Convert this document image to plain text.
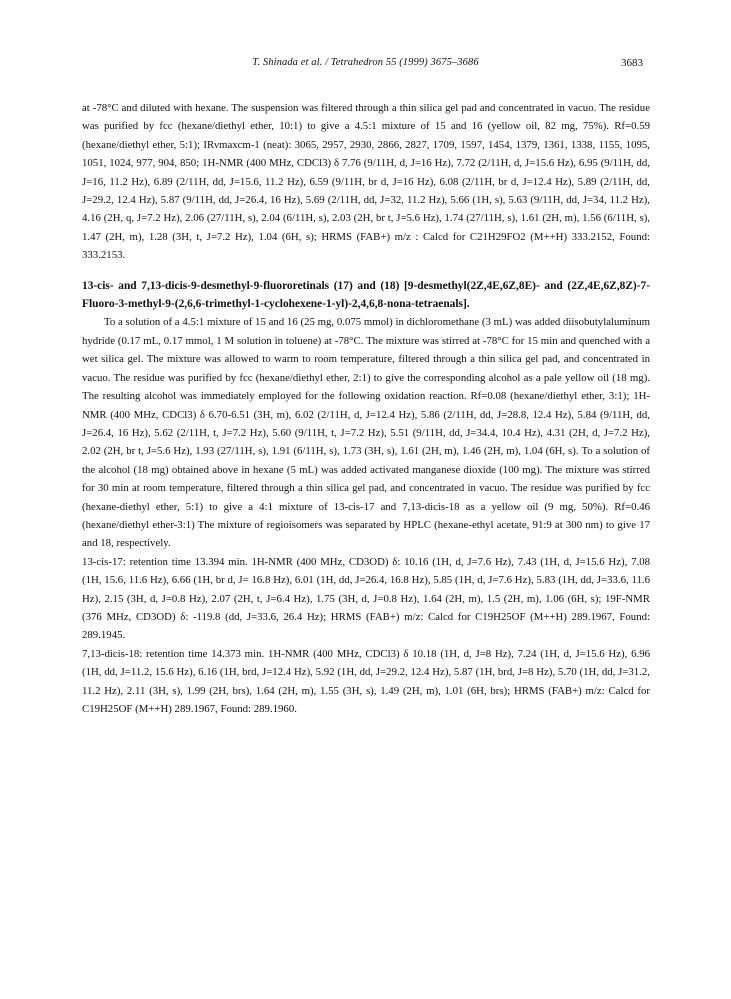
T. Shinada et al. / Tetrahedron 55 (1999) 3675–3686	3683

at -78°C and diluted with hexane. The suspension was filtered through a thin silica gel pad and concentrated in vacuo. The residue was purified by fcc (hexane/diethyl ether, 10:1) to give a 4.5:1 mixture of 15 and 16 (yellow oil, 82 mg, 75%). Rf=0.59 (hexane/diethyl ether, 5:1); IRνmaxcm-1 (neat): 3065, 2957, 2930, 2866, 2827, 1709, 1597, 1454, 1379, 1361, 1338, 1155, 1095, 1051, 1024, 977, 904, 850; 1H-NMR (400 MHz, CDCl3) δ 7.76 (9/11H, d, J=16 Hz), 7.72 (2/11H, d, J=15.6 Hz), 6.95 (9/11H, dd, J=16, 11.2 Hz), 6.89 (2/11H, dd, J=15.6, 11.2 Hz), 6.59 (9/11H, br d, J=16 Hz), 6.08 (2/11H, br d, J=12.4 Hz), 5.89 (2/11H, dd, J=29.2, 12.4 Hz), 5.87 (9/11H, dd, J=26.4, 16 Hz), 5.69 (2/11H, dd, J=32, 11.2 Hz), 5.66 (1H, s), 5.63 (9/11H, dd, J=34, 11.2 Hz), 4.16 (2H, q, J=7.2 Hz), 2.06 (27/11H, s), 2.04 (6/11H, s), 2.03 (2H, br t, J=5.6 Hz), 1.74 (27/11H, s), 1.61 (2H, m), 1.56 (6/11H, s), 1.47 (2H, m), 1.28 (3H, t, J=7.2 Hz), 1.04 (6H, s); HRMS (FAB+) m/z : Calcd for C21H29FO2 (M++H) 333.2152, Found: 333.2153.

13-cis- and 7,13-dicis-9-desmethyl-9-fluororetinals (17) and (18) [9-desmethyl(2Z,4E,6Z,8E)- and (2Z,4E,6Z,8Z)-7-Fluoro-3-methyl-9-(2,6,6-trimethyl-1-cyclohexene-1-yl)-2,4,6,8-nona-tetraenals].

To a solution of a 4.5:1 mixture of 15 and 16 (25 mg, 0.075 mmol) in dichloromethane (3 mL) was added diisobutylaluminum hydride (0.17 mL, 0.17 mmol, 1 M solution in toluene) at -78°C. The mixture was stirred at -78°C for 15 min and quenched with a wet silica gel. The mixture was allowed to warm to room temperature, filtered through a thin silica gel pad, and concentrated in vacuo. The residue was purified by fcc (hexane/diethyl ether, 2:1) to give the corresponding alcohol as a pale yellow oil (18 mg). The resulting alcohol was immediately employed for the following oxidation reaction. Rf=0.08 (hexane/diethyl ether, 3:1); 1H-NMR (400 MHz, CDCl3) δ 6.70-6.51 (3H, m), 6.02 (2/11H, d, J=12.4 Hz), 5.86 (2/11H, dd, J=28.8, 12.4 Hz), 5.84 (9/11H, dd, J=26.4, 16 Hz), 5.62 (2/11H, t, J=7.2 Hz), 5.60 (9/11H, t, J=7.2 Hz), 5.51 (9/11H, dd, J=34.4, 10.4 Hz), 4.31 (2H, d, J=7.2 Hz), 2.02 (2H, br t, J=5.6 Hz), 1.93 (27/11H, s), 1.91 (6/11H, s), 1.73 (3H, s), 1.61 (2H, m), 1.46 (2H, m), 1.04 (6H, s). To a solution of the alcohol (18 mg) obtained above in hexane (5 mL) was added activated manganese dioxide (100 mg). The mixture was stirred for 30 min at room temperature, filtered through a thin silica gel pad, and concentrated in vacuo. The residue was purified by fcc (hexane-diethyl ether, 5:1) to give a 4:1 mixture of 13-cis-17 and 7,13-dicis-18 as a yellow oil (9 mg, 50%). Rf=0.46 (hexane/diethyl ether-3:1) The mixture of regioisomers was separated by HPLC (hexane-ethyl acetate, 91:9 at 300 nm) to give 17 and 18, respectively.

13-cis-17: retention time 13.394 min. 1H-NMR (400 MHz, CD3OD) δ: 10.16 (1H, d, J=7.6 Hz), 7.43 (1H, d, J=15.6 Hz), 7.08 (1H, 15.6, 11.6 Hz), 6.66 (1H, br d, J= 16.8 Hz), 6.01 (1H, dd, J=26.4, 16.8 Hz), 5.85 (1H, d, J=7.6 Hz), 5.83 (1H, dd, J=33.6, 11.6 Hz), 2.15 (3H, d, J=0.8 Hz), 2.07 (2H, t, J=6.4 Hz), 1.75 (3H, d, J=0.8 Hz), 1.64 (2H, m), 1.5 (2H, m), 1.06 (6H, s); 19F-NMR (376 MHz, CD3OD) δ: -119.8 (dd, J=33.6, 26.4 Hz); HRMS (FAB+) m/z: Calcd for C19H25OF (M++H) 289.1967, Found: 289.1945.

7,13-dicis-18: retention time 14.373 min. 1H-NMR (400 MHz, CDCl3) δ 10.18 (1H, d, J=8 Hz), 7.24 (1H, d, J=15.6 Hz), 6.96 (1H, dd, J=11.2, 15.6 Hz), 6.16 (1H, brd, J=12.4 Hz), 5.92 (1H, dd, J=29.2, 12.4 Hz), 5.87 (1H, brd, J=8 Hz), 5.70 (1H, dd, J=31.2, 11.2 Hz), 2.11 (3H, s), 1.99 (2H, brs), 1.64 (2H, m), 1.55 (3H, s), 1.49 (2H, m), 1.01 (6H, brs); HRMS (FAB+) m/z: Calcd for C19H25OF (M++H) 289.1967, Found: 289.1960.
